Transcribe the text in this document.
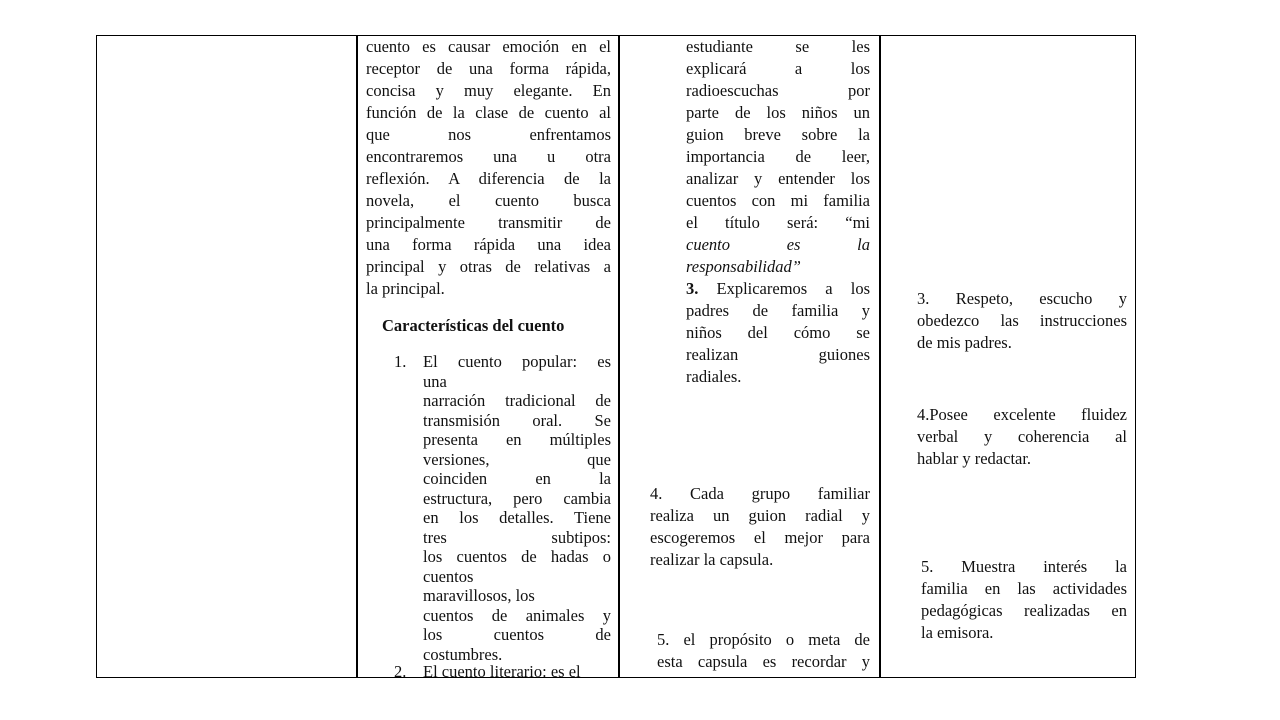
cuento es causar emoción en el
receptor de una forma rápida,
concisa y muy elegante. En
función de la clase de cuento al
que nos enfrentamos
encontraremos una u otra
reflexión. A diferencia de la
novela, el cuento busca
principalmente transmitir de
una forma rápida una idea
principal y otras de relativas a
la principal.
Características del cuento
1. El cuento popular: es
una
narración tradicional de
transmisión oral. Se
presenta en múltiples
versiones, que
coinciden en la
estructura, pero cambia
en los detalles. Tiene
tres subtipos:
los cuentos de hadas o
cuentos
maravillosos, los
cuentos de animales y
los cuentos de
costumbres.
2. El cuento literario: es el
estudiante se les
explicará a los
radioescuchas por
parte de los niños un
guion breve sobre la
importancia de leer,
analizar y entender los
cuentos con mi familia
el título será: “mi
cuento es la
responsabilidad”
3. Explicaremos a los
padres de familia y
niños del cómo se
realizan guiones
radiales.
4. Cada grupo familiar
realiza un guion radial y
escogeremos el mejor para
realizar la capsula.
5. el propósito o meta de
esta capsula es recordar y
3. Respeto, escucho y
obedezco las instrucciones
de mis padres.
4.Posee excelente fluidez
verbal y coherencia al
hablar y redactar.
5. Muestra interés la
familia en las actividades
pedagógicas realizadas en
la emisora.
